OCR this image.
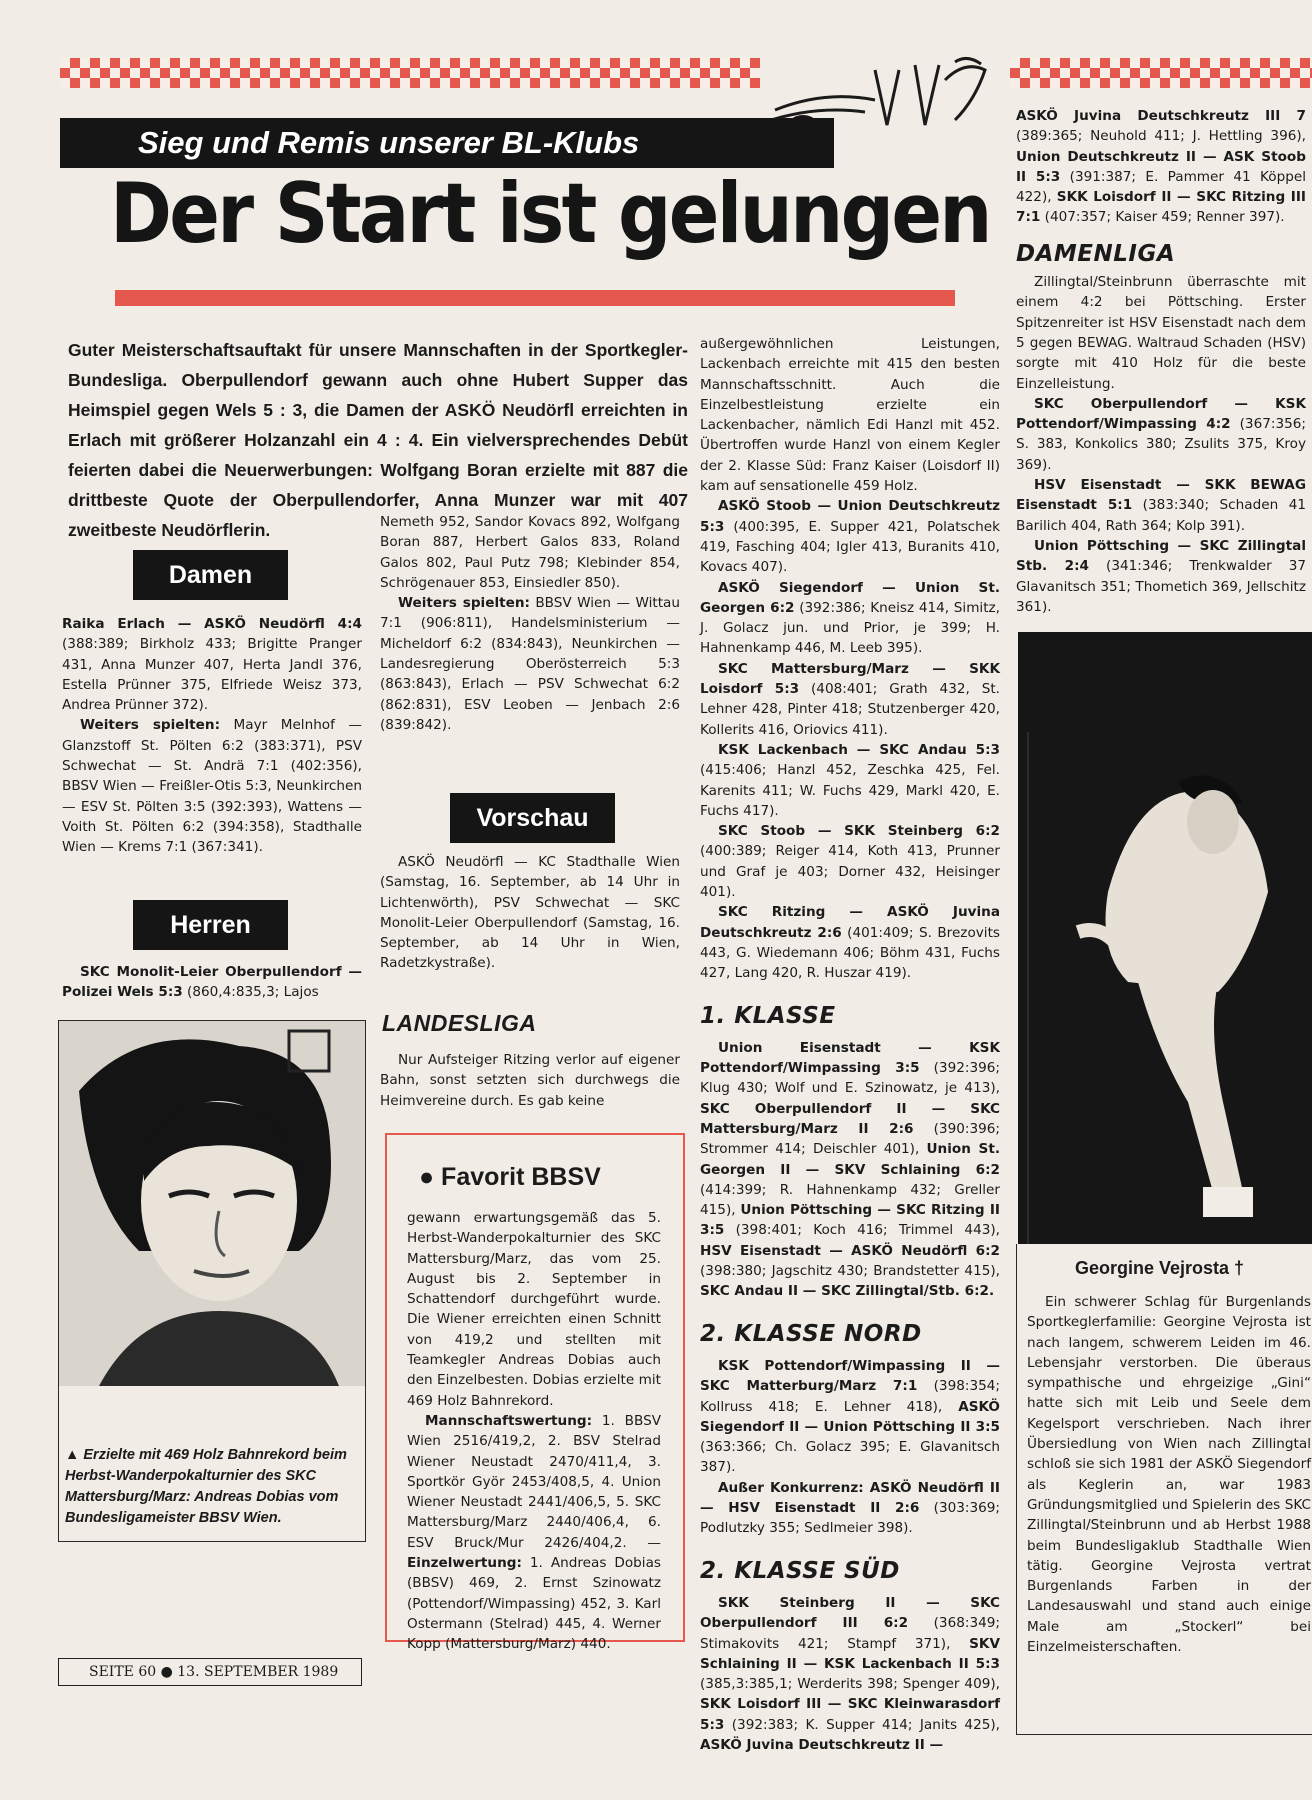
Sieg und Remis unserer BL-Klubs
Der Start ist gelungen

Guter Meisterschaftsauftakt für unsere Mannschaften in der Sportkegler-Bundesliga. Oberpullendorf gewann auch ohne Hubert Supper das Heimspiel gegen Wels 5 : 3, die Damen der ASKÖ Neudörfl erreichten in Erlach mit größerer Holzanzahl ein 4 : 4. Ein vielversprechendes Debüt feierten dabei die Neuerwerbungen: Wolfgang Boran erzielte mit 887 die drittbeste Quote der Oberpullendorfer, Anna Munzer war mit 407 zweitbeste Neudörflerin.

Damen

Raika Erlach — ASKÖ Neudörfl 4:4 (388:389; Birkholz 433; Brigitte Pranger 431, Anna Munzer 407, Herta Jandl 376, Estella Prünner 375, Elfriede Weisz 373, Andrea Prünner 372).

Weiters spielten: Mayr Melnhof — Glanzstoff St. Pölten 6:2 (383:371), PSV Schwechat — St. Andrä 7:1 (402:356), BBSV Wien — Freißler-Otis 5:3, Neunkirchen — ESV St. Pölten 3:5 (392:393), Wattens — Voith St. Pölten 6:2 (394:358), Stadthalle Wien — Krems 7:1 (367:341).

Herren

SKC Monolit-Leier Oberpullendorf — Polizei Wels 5:3 (860,4:835,3; Lajos

▲ Erzielte mit 469 Holz Bahnrekord beim Herbst-Wanderpokalturnier des SKC Mattersburg/Marz: Andreas Dobias vom Bundesligameister BBSV Wien.
SEITE 60 ● 13. SEPTEMBER 1989

Nemeth 952, Sandor Kovacs 892, Wolfgang Boran 887, Herbert Galos 833, Roland Galos 802, Paul Putz 798; Klebinder 854, Schrögenauer 853, Einsiedler 850).

Weiters spielten: BBSV Wien — Wittau 7:1 (906:811), Handelsministerium — Micheldorf 6:2 (834:843), Neunkirchen — Landesregierung Oberösterreich 5:3 (863:843), Erlach — PSV Schwechat 6:2 (862:831), ESV Leoben — Jenbach 2:6 (839:842).

Vorschau

ASKÖ Neudörfl — KC Stadthalle Wien (Samstag, 16. September, ab 14 Uhr in Lichtenwörth), PSV Schwechat — SKC Monolit-Leier Oberpullendorf (Samstag, 16. September, ab 14 Uhr in Wien, Radetzkystraße).

LANDESLIGA

Nur Aufsteiger Ritzing verlor auf eigener Bahn, sonst setzten sich durchwegs die Heimvereine durch. Es gab keine

● Favorit BBSV

gewann erwartungsgemäß das 5. Herbst-Wanderpokalturnier des SKC Mattersburg/Marz, das vom 25. August bis 2. September in Schattendorf durchgeführt wurde. Die Wiener erreichten einen Schnitt von 419,2 und stellten mit Teamkegler Andreas Dobias auch den Einzelbesten. Dobias erzielte mit 469 Holz Bahnrekord.

Mannschaftswertung: 1. BBSV Wien 2516/419,2, 2. BSV Stelrad Wiener Neustadt 2470/411,4, 3. Sportkör Györ 2453/408,5, 4. Union Wiener Neustadt 2441/406,5, 5. SKC Mattersburg/Marz 2440/406,4, 6. ESV Bruck/Mur 2426/404,2. — Einzelwertung: 1. Andreas Dobias (BBSV) 469, 2. Ernst Szinowatz (Pottendorf/Wimpassing) 452, 3. Karl Ostermann (Stelrad) 445, 4. Werner Kopp (Mattersburg/Marz) 440.

außergewöhnlichen Leistungen, Lackenbach erreichte mit 415 den besten Mannschaftsschnitt. Auch die Einzelbestleistung erzielte ein Lackenbacher, nämlich Edi Hanzl mit 452. Übertroffen wurde Hanzl von einem Kegler der 2. Klasse Süd: Franz Kaiser (Loisdorf II) kam auf sensationelle 459 Holz.

ASKÖ Stoob — Union Deutschkreutz 5:3 (400:395, E. Supper 421, Polatschek 419, Fasching 404; Igler 413, Buranits 410, Kovacs 407).

ASKÖ Siegendorf — Union St. Georgen 6:2 (392:386; Kneisz 414, Simitz, J. Golacz jun. und Prior, je 399; H. Hahnenkamp 446, M. Leeb 395).

SKC Mattersburg/Marz — SKK Loisdorf 5:3 (408:401; Grath 432, St. Lehner 428, Pinter 418; Stutzenberger 420, Kollerits 416, Oriovics 411).

KSK Lackenbach — SKC Andau 5:3 (415:406; Hanzl 452, Zeschka 425, Fel. Karenits 411; W. Fuchs 429, Markl 420, E. Fuchs 417).

SKC Stoob — SKK Steinberg 6:2 (400:389; Reiger 414, Koth 413, Prunner und Graf je 403; Dorner 432, Heisinger 401).

SKC Ritzing — ASKÖ Juvina Deutschkreutz 2:6 (401:409; S. Brezovits 443, G. Wiedemann 406; Böhm 431, Fuchs 427, Lang 420, R. Huszar 419).

1. KLASSE

Union Eisenstadt — KSK Pottendorf/Wimpassing 3:5 (392:396; Klug 430; Wolf und E. Szinowatz, je 413), SKC Oberpullendorf II — SKC Mattersburg/Marz II 2:6 (390:396; Strommer 414; Deischler 401), Union St. Georgen II — SKV Schlaining 6:2 (414:399; R. Hahnenkamp 432; Greller 415), Union Pöttsching — SKC Ritzing II 3:5 (398:401; Koch 416; Trimmel 443), HSV Eisenstadt — ASKÖ Neudörfl 6:2 (398:380; Jagschitz 430; Brandstetter 415), SKC Andau II — SKC Zillingtal/Stb. 6:2.

2. KLASSE NORD

KSK Pottendorf/Wimpassing II — SKC Matterburg/Marz 7:1 (398:354; Kollruss 418; E. Lehner 418), ASKÖ Siegendorf II — Union Pöttsching II 3:5 (363:366; Ch. Golacz 395; E. Glavanitsch 387).

Außer Konkurrenz: ASKÖ Neudörfl II — HSV Eisenstadt II 2:6 (303:369; Podlutzky 355; Sedlmeier 398).

2. KLASSE SÜD

SKK Steinberg II — SKC Oberpullendorf III 6:2 (368:349; Stimakovits 421; Stampf 371), SKV Schlaining II — KSK Lackenbach II 5:3 (385,3:385,1; Werderits 398; Spenger 409), SKK Loisdorf III — SKC Kleinwarasdorf 5:3 (392:383; K. Supper 414; Janits 425), ASKÖ Juvina Deutschkreutz II —

ASKÖ Juvina Deutschkreutz III 7 (389:365; Neuhold 411; J. Hettling 396), Union Deutschkreutz II — ASK Stoob II 5:3 (391:387; E. Pammer 41 Köppel 422), SKK Loisdorf II — SKC Ritzing III 7:1 (407:357; Kaiser 459; Renner 397).

DAMENLIGA

Zillingtal/Steinbrunn überraschte mit einem 4:2 bei Pöttsching. Erster Spitzenreiter ist HSV Eisenstadt nach dem 5 gegen BEWAG. Waltraud Schaden (HSV) sorgte mit 410 Holz für die beste Einzelleistung.

SKC Oberpullendorf — KSK Pottendorf/Wimpassing 4:2 (367:356; S. 383, Konkolics 380; Zsulits 375, Kroy 369).

HSV Eisenstadt — SKK BEWAG Eisenstadt 5:1 (383:340; Schaden 41 Barilich 404, Rath 364; Kolp 391).

Union Pöttsching — SKC Zillingtal Stb. 2:4 (341:346; Trenkwalder 37 Glavanitsch 351; Thometich 369, Jellschitz 361).

Georgine Vejrosta †

Ein schwerer Schlag für Burgenlands Sportkeglerfamilie: Georgine Vejrosta ist nach langem, schwerem Leiden im 46. Lebensjahr verstorben. Die überaus sympathische und ehrgeizige „Gini“ hatte sich mit Leib und Seele dem Kegelsport verschrieben. Nach ihrer Übersiedlung von Wien nach Zillingtal schloß sie sich 1981 der ASKÖ Siegendorf als Keglerin an, war 1983 Gründungsmitglied und Spielerin des SKC Zillingtal/Steinbrunn und ab Herbst 1988 beim Bundesligaklub Stadthalle Wien tätig. Georgine Vejrosta vertrat Burgenlands Farben in der Landesauswahl und stand auch einige Male am „Stockerl“ bei Einzelmeisterschaften.
